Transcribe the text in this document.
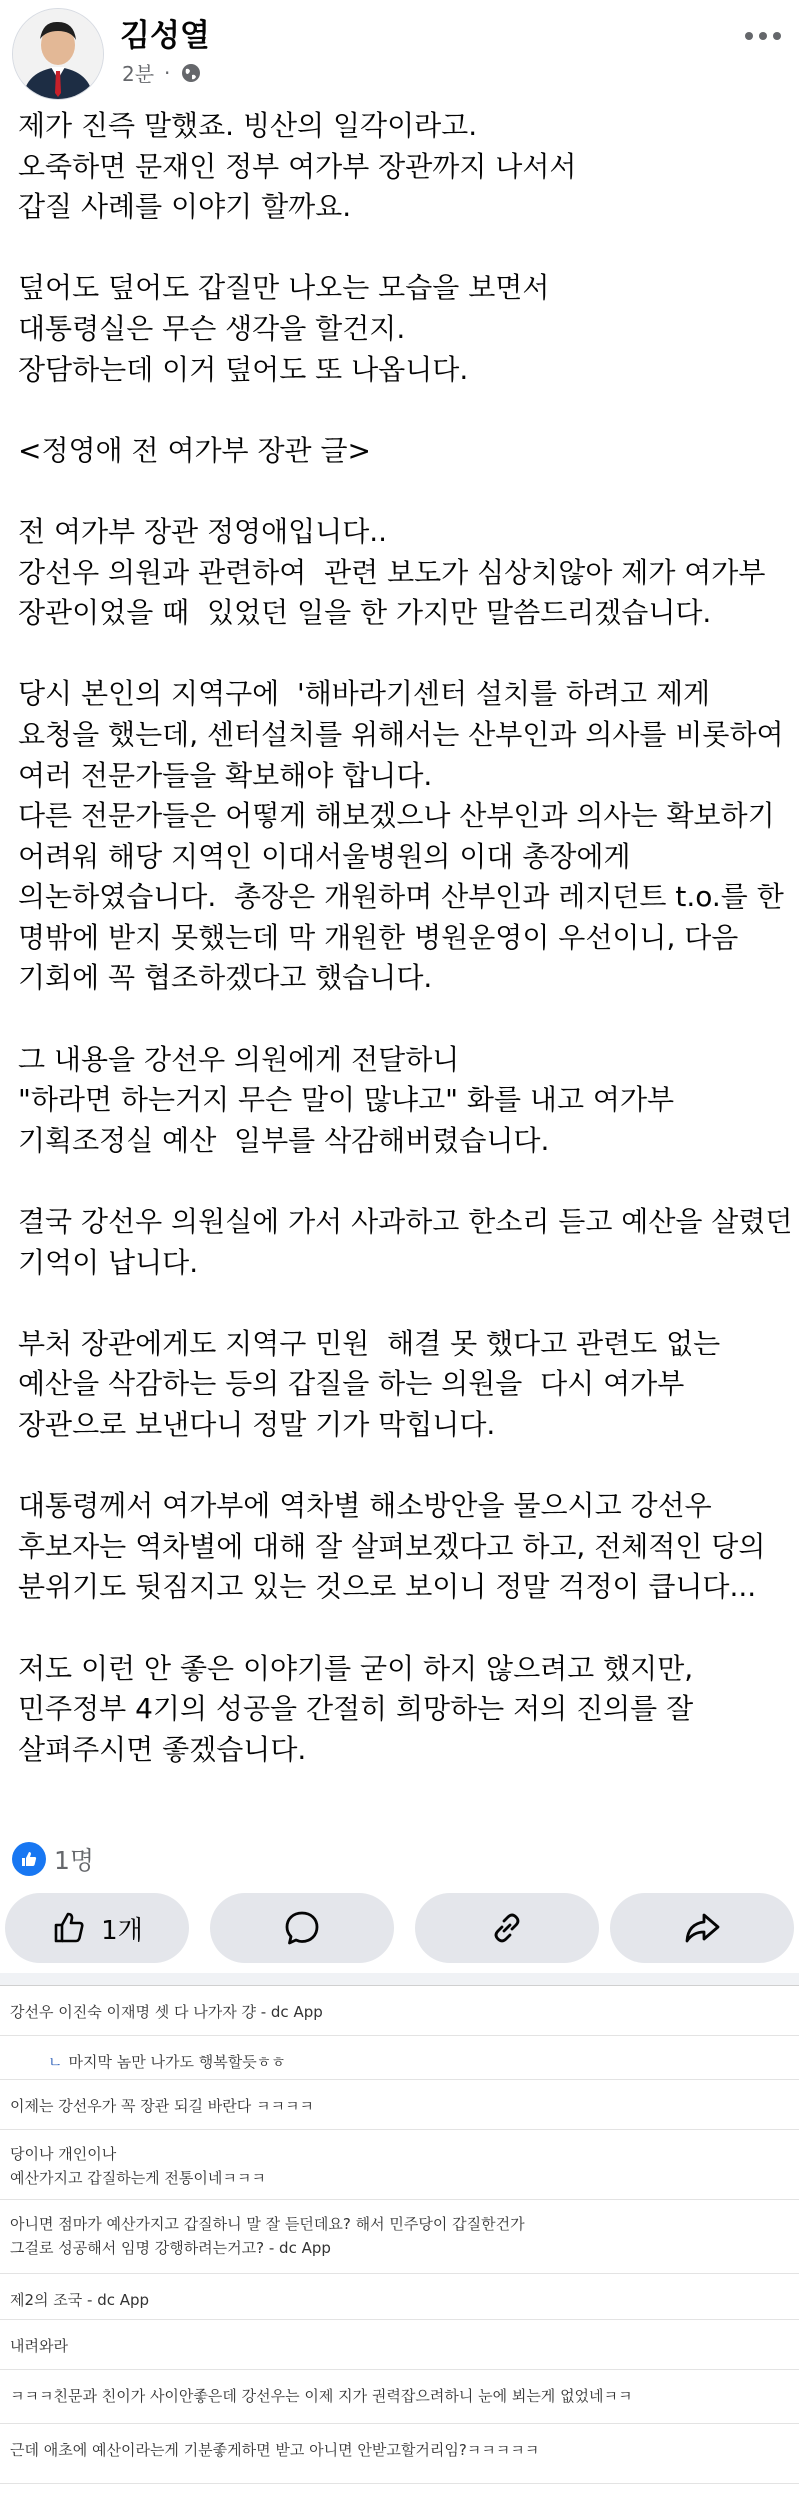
김성열
2분 ·
제가 진즉 말했죠. 빙산의 일각이라고.
오죽하면 문재인 정부 여가부 장관까지 나서서
갑질 사례를 이야기 할까요.
덮어도 덮어도 갑질만 나오는 모습을 보면서
대통령실은 무슨 생각을 할건지.
장담하는데 이거 덮어도 또 나옵니다.
<정영애 전 여가부 장관 글>
전 여가부 장관 정영애입니다..
강선우 의원과 관련하여  관련 보도가 심상치않아 제가 여가부
장관이었을 때  있었던 일을 한 가지만 말씀드리겠습니다.
당시 본인의 지역구에  '해바라기센터 설치를 하려고 제게
요청을 했는데, 센터설치를 위해서는 산부인과 의사를 비롯하여
여러 전문가들을 확보해야 합니다.
다른 전문가들은 어떻게 해보겠으나 산부인과 의사는 확보하기
어려워 해당 지역인 이대서울병원의 이대 총장에게
의논하였습니다.  총장은 개원하며 산부인과 레지던트 t.o.를 한
명밖에 받지 못했는데 막 개원한 병원운영이 우선이니, 다음
기회에 꼭 협조하겠다고 했습니다.
그 내용을 강선우 의원에게 전달하니
"하라면 하는거지 무슨 말이 많냐고" 화를 내고 여가부
기획조정실 예산  일부를 삭감해버렸습니다.
결국 강선우 의원실에 가서 사과하고 한소리 듣고 예산을 살렸던
기억이 납니다.
부처 장관에게도 지역구 민원  해결 못 했다고 관련도 없는
예산을 삭감하는 등의 갑질을 하는 의원을  다시 여가부
장관으로 보낸다니 정말 기가 막힙니다.
대통령께서 여가부에 역차별 해소방안을 물으시고 강선우
후보자는 역차별에 대해 잘 살펴보겠다고 하고, 전체적인 당의
분위기도 뒷짐지고 있는 것으로 보이니 정말 걱정이 큽니다...
저도 이런 안 좋은 이야기를 굳이 하지 않으려고 했지만,
민주정부 4기의 성공을 간절히 희망하는 저의 진의를 잘
살펴주시면 좋겠습니다.
1명
1개
강선우 이진숙 이재명 셋 다 나가자 걍 - dc App
ㄴ 마지막 놈만 나가도 행복할듯ㅎㅎ
이제는 강선우가 꼭 장관 되길 바란다 ㅋㅋㅋㅋ
당이나 개인이나
예산가지고 갑질하는게 전통이네ㅋㅋㅋ
아니면 점마가 예산가지고 갑질하니 말 잘 듣던데요? 해서 민주당이 갑질한건가
그걸로 성공해서 임명 강행하려는거고? - dc App
제2의 조국 - dc App
내려와라
ㅋㅋㅋ친문과 친이가 사이안좋은데 강선우는 이제 지가 권력잡으려하니 눈에 뵈는게 없었네ㅋㅋ
근데 애초에 예산이라는게 기분좋게하면 받고 아니면 안받고할거리임?ㅋㅋㅋㅋㅋ
